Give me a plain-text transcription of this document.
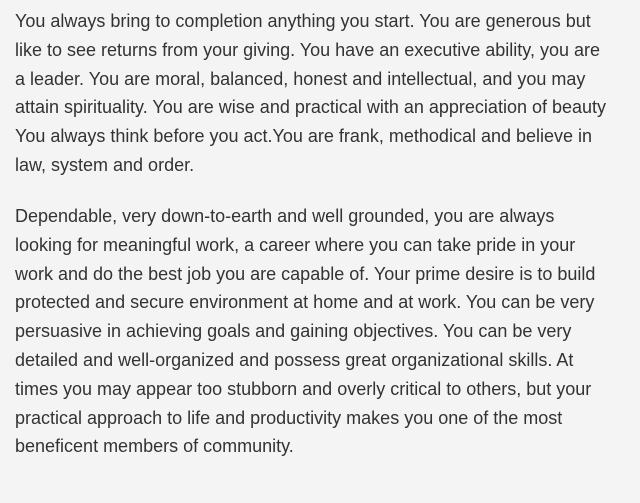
You always bring to completion anything you start. You are generous but
like to see returns from your giving. You have an executive ability, you are
a leader. You are moral, balanced, honest and intellectual, and you may
attain spirituality. You are wise and practical with an appreciation of beauty
You always think before you act.You are frank, methodical and believe in
law, system and order.

Dependable, very down-to-earth and well grounded, you are always
looking for meaningful work, a career where you can take pride in your
work and do the best job you are capable of. Your prime desire is to build
protected and secure environment at home and at work. You can be very
persuasive in achieving goals and gaining objectives. You can be very
detailed and well-organized and possess great organizational skills. At
times you may appear too stubborn and overly critical to others, but your
practical approach to life and productivity makes you one of the most
beneficent members of community.
